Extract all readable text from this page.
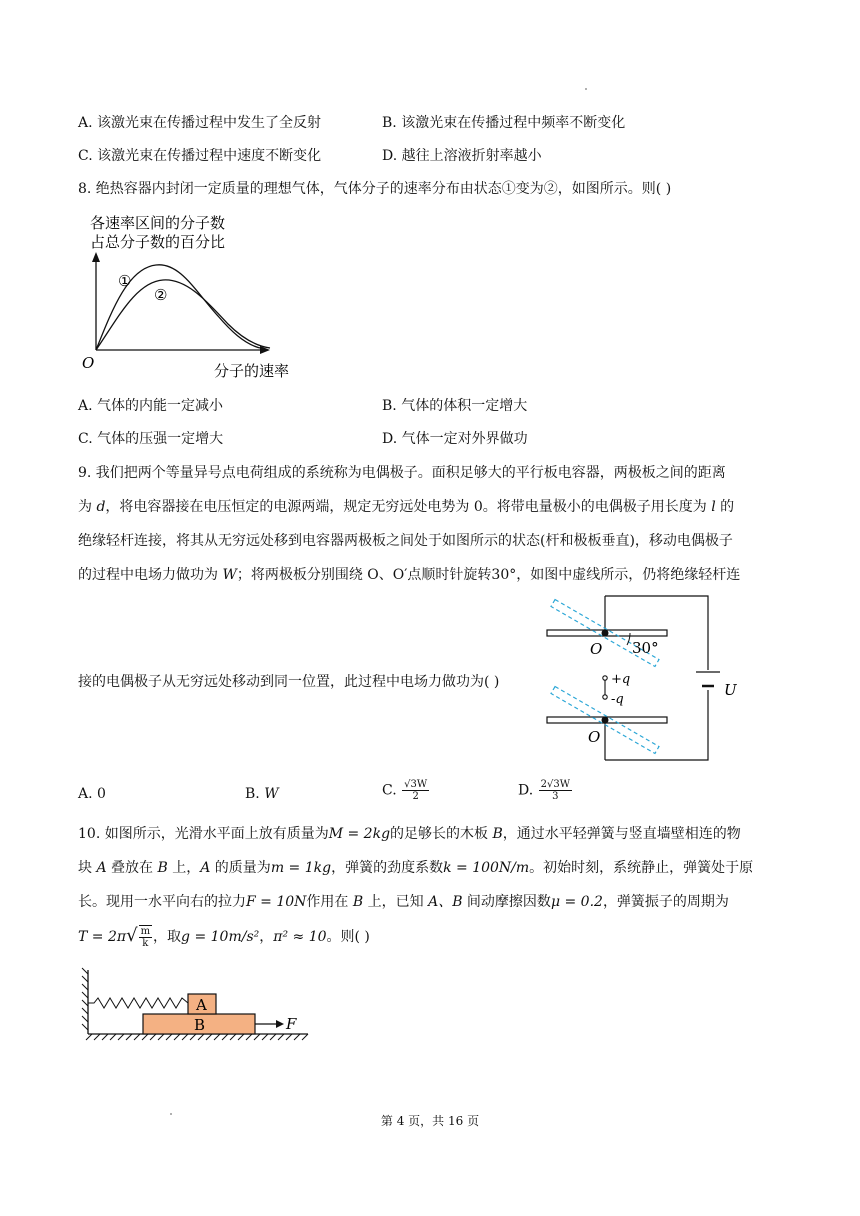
A. 该激光束在传播过程中发生了全反射	B. 该激光束在传播过程中频率不断变化
C. 该激光束在传播过程中速度不断变化	D. 越往上溶液折射率越小
8. 绝热容器内封闭一定质量的理想气体，气体分子的速率分布由状态①变为②，如图所示。则( )
各速率区间的分子数
占总分子数的百分比
①
②
O	分子的速率
A. 气体的内能一定减小	B. 气体的体积一定增大
C. 气体的压强一定增大	D. 气体一定对外界做功
9. 我们把两个等量异号点电荷组成的系统称为电偶极子。面积足够大的平行板电容器，两极板之间的距离
为 d，将电容器接在电压恒定的电源两端，规定无穷远处电势为 0。将带电量极小的电偶极子用长度为 l 的
绝缘轻杆连接，将其从无穷远处移到电容器两极板之间处于如图所示的状态(杆和极板垂直)，移动电偶极子
的过程中电场力做功为 W；将两极板分别围绕 O、O′点顺时针旋转30°，如图中虚线所示，仍将绝缘轻杆连
接的电偶极子从无穷远处移动到同一位置，此过程中电场力做功为( )	U
O 30°
+q
-q
O
A. 0	B. W	C. $\frac{√3W}{2}$	D. $\frac{2√3W}{3}$
10. 如图所示，光滑水平面上放有质量为M = 2kg的足够长的木板 B，通过水平轻弹簧与竖直墙壁相连的物
块 A 叠放在 B 上，A 的质量为m = 1kg，弹簧的劲度系数k = 100N/m。初始时刻，系统静止，弹簧处于原
长。现用一水平向右的拉力F = 10N作用在 B 上，已知 A、B 间动摩擦因数μ = 0.2，弹簧振子的周期为
$T = 2\pi√ \frac{m}{k}$ ，取g = 10m/s²，π² ≈ 10。则( )
B
A
F
第 4 页，共 16 页
